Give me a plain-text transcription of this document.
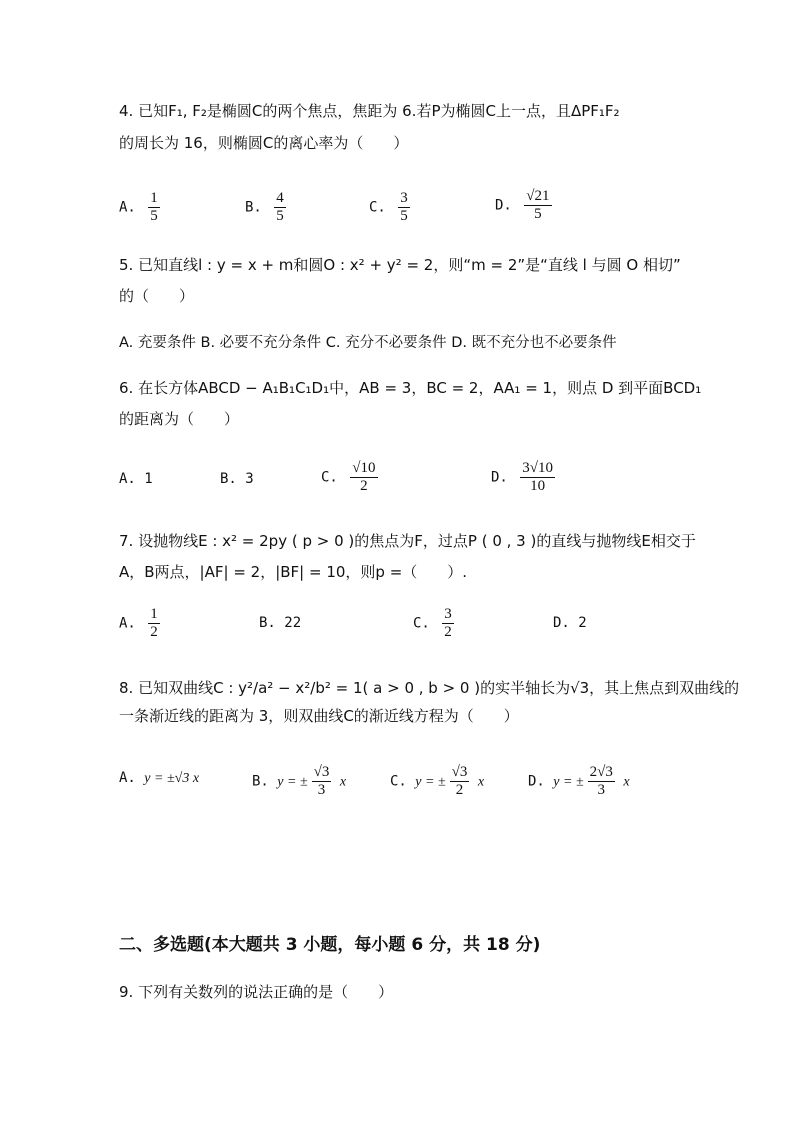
4. 已知F₁, F₂是椭圆C的两个焦点，焦距为 6.若P为椭圆C上一点，且ΔPF₁F₂
的周长为 16，则椭圆C的离心率为（　　）
A. $\frac{1}{5}$	B. $\frac{4}{5}$	C. $\frac{3}{5}$	D. $\frac{√21}{5}$
5. 已知直线l : y = x + m和圆O : x² + y² = 2，则“m = 2”是“直线 l 与圆 O 相切”
的（　　）
A. 充要条件 B. 必要不充分条件 C. 充分不必要条件 D. 既不充分也不必要条件
6. 在长方体ABCD − A₁B₁C₁D₁中，AB = 3，BC = 2，AA₁ = 1，则点 D 到平面BCD₁
的距离为（　　）
A. 1	B. 3	C. $\frac{√10}{2}$	D. $\frac{3√10}{10}$
7. 设抛物线E : x² = 2py ( p > 0 )的焦点为F，过点P ( 0 , 3 )的直线与抛物线E相交于
A，B两点，|AF| = 2，|BF| = 10，则p =（　　）.
A. $\frac{1}{2}$	B. 22	C. $\frac{3}{2}$	D. 2
8. 已知双曲线C : y²/a² − x²/b² = 1( a > 0 , b > 0 )的实半轴长为√3，其上焦点到双曲线的
一条渐近线的距离为 3，则双曲线C的渐近线方程为（　　）
A. y = ±√3 x	B. y = ± $\frac{√3}{3}$ x	C. y = ± $\frac{√3}{2}$ x	D. y = ± $\frac{2√3}{3}$ x
二、多选题(本大题共 3 小题，每小题 6 分，共 18 分)
9. 下列有关数列的说法正确的是（　　）
